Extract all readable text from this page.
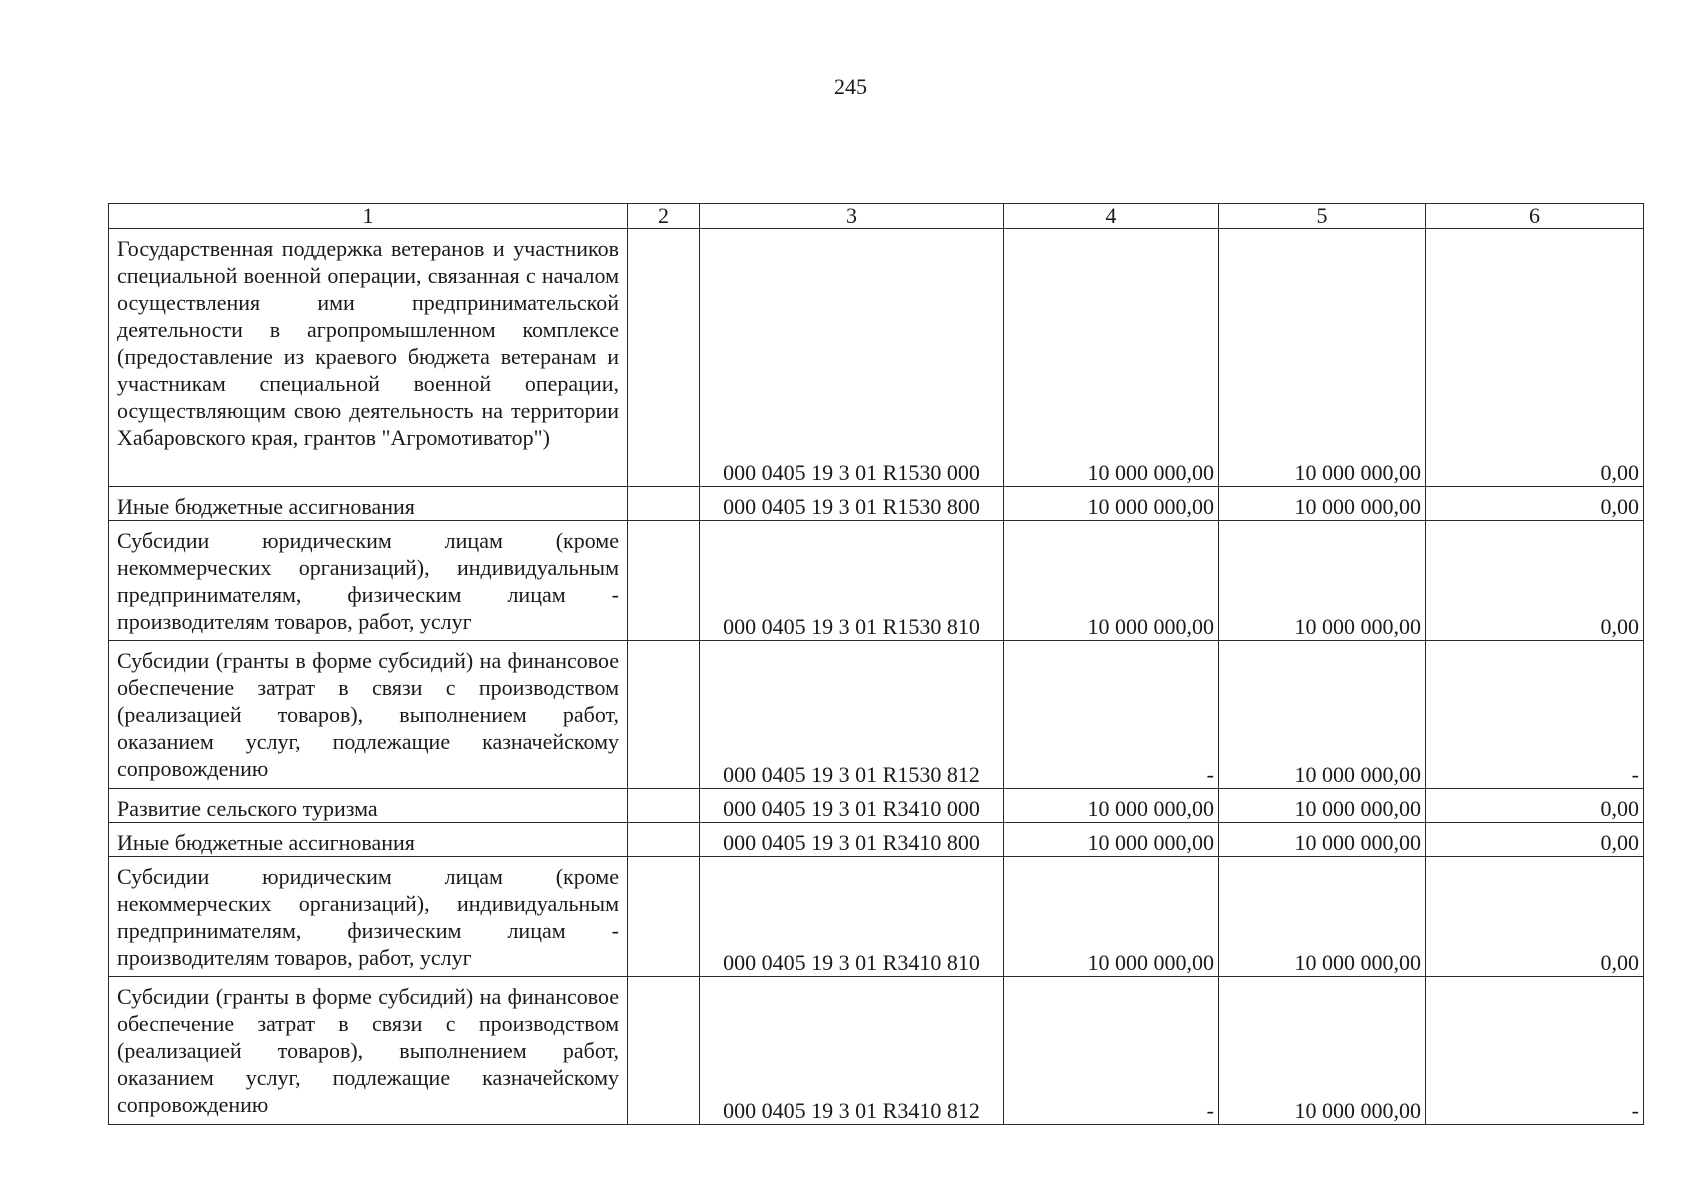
245
1	2	3	4	5	6
Государственная поддержка ветеранов и участников специальной военной операции, связанная с началом осуществления ими предпринимательской деятельности в агропромышленном комплексе (предоставление из краевого бюджета ветеранам и участникам специальной военной операции, осуществляющим свою деятельность на территории Хабаровского края, грантов "Агромотиватор")		000 0405 19 3 01 R1530 000	10 000 000,00	10 000 000,00	0,00
Иные бюджетные ассигнования		000 0405 19 3 01 R1530 800	10 000 000,00	10 000 000,00	0,00
Субсидии юридическим лицам (кроме некоммерческих организаций), индивидуальным предпринимателям, физическим лицам - производителям товаров, работ, услуг		000 0405 19 3 01 R1530 810	10 000 000,00	10 000 000,00	0,00
Субсидии (гранты в форме субсидий) на финансовое обеспечение затрат в связи с производством (реализацией товаров), выполнением работ, оказанием услуг, подлежащие казначейскому сопровождению		000 0405 19 3 01 R1530 812	-	10 000 000,00	-
Развитие сельского туризма		000 0405 19 3 01 R3410 000	10 000 000,00	10 000 000,00	0,00
Иные бюджетные ассигнования		000 0405 19 3 01 R3410 800	10 000 000,00	10 000 000,00	0,00
Субсидии юридическим лицам (кроме некоммерческих организаций), индивидуальным предпринимателям, физическим лицам - производителям товаров, работ, услуг		000 0405 19 3 01 R3410 810	10 000 000,00	10 000 000,00	0,00
Субсидии (гранты в форме субсидий) на финансовое обеспечение затрат в связи с производством (реализацией товаров), выполнением работ, оказанием услуг, подлежащие казначейскому сопровождению		000 0405 19 3 01 R3410 812	-	10 000 000,00	-
